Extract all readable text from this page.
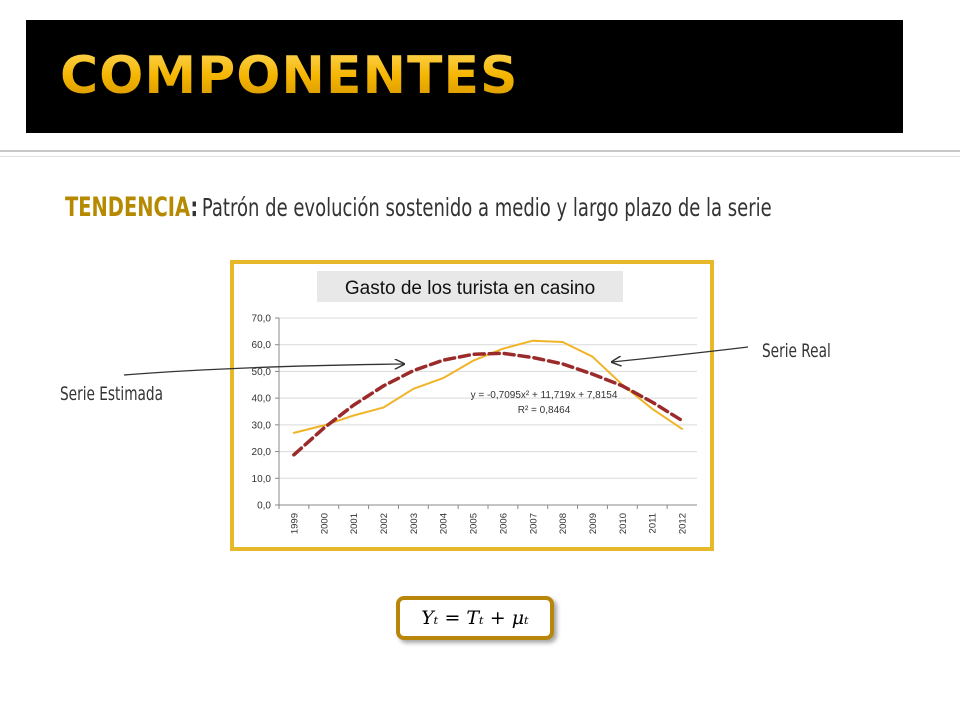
COMPONENTES
TENDENCIA: Patrón de evolución sostenido a medio y largo plazo de la serie
Serie Estimada
Serie Real
Gasto de los turista en casino
0,0
10,0
20,0
30,0
40,0
50,0
60,0
70,0
1999 2000 2001 2002 2003 2004 2005 2006 2007 2008 2009 2010 2011 2012
y = -0,7095x² + 11,719x + 7,8154
R² = 0,8464
Yₜ = Tₜ + μₜ
